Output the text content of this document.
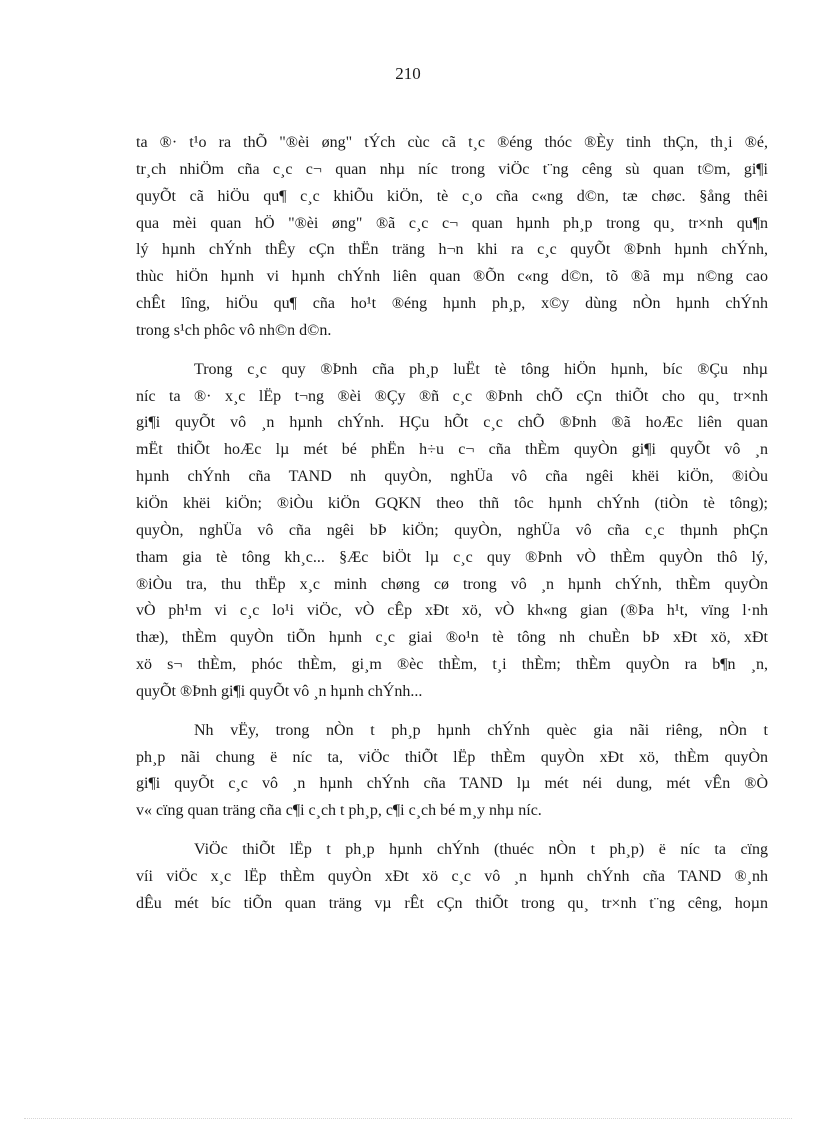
210
ta ®· t¹o ra thÕ "®èi øng" tÝch cùc cã t¸c ®éng thóc ®Èy tinh thÇn, th¸i ®é,
tr¸ch nhiÖm cña c¸c c¬ quan nhµ níc trong viÖc t¨ng cêng sù quan t©m, gi¶i
quyÕt cã hiÖu qu¶ c¸c khiÕu kiÖn, tè c¸o cña c«ng d©n, tæ chøc. §ång thêi
qua mèi quan hÖ "®èi øng" ®ã c¸c c¬ quan hµnh ph¸p trong qu¸ tr×nh qu¶n
lý hµnh chÝnh thÊy cÇn thËn träng h¬n khi ra c¸c quyÕt ®Þnh hµnh chÝnh,
thùc hiÖn hµnh vi hµnh chÝnh liên quan ®Õn c«ng d©n, tõ ®ã mµ n©ng cao
chÊt lîng, hiÖu qu¶ cña ho¹t ®éng hµnh ph¸p, x©y dùng nÒn hµnh chÝnh
trong s¹ch phôc vô nh©n d©n.
Trong c¸c quy ®Þnh cña ph¸p luËt tè tông hiÖn hµnh, bíc ®Çu nhµ
níc ta ®· x¸c lËp t¬ng ®èi ®Çy ®ñ c¸c ®Þnh chÕ cÇn thiÕt cho qu¸ tr×nh
gi¶i quyÕt vô ¸n hµnh chÝnh. HÇu hÕt c¸c chÕ ®Þnh ®ã hoÆc liên quan
mËt thiÕt hoÆc lµ mét bé phËn h÷u c¬ cña thÈm quyÒn gi¶i quyÕt vô ¸n
hµnh chÝnh cña TAND nh quyÒn, nghÜa vô cña ngêi khëi kiÖn, ®iÒu
kiÖn khëi kiÖn; ®iÒu kiÖn GQKN theo thñ tôc hµnh chÝnh (tiÒn tè tông);
quyÒn, nghÜa vô cña ngêi bÞ kiÖn; quyÒn, nghÜa vô cña c¸c thµnh phÇn
tham gia tè tông kh¸c... §Æc biÖt lµ c¸c quy ®Þnh vÒ thÈm quyÒn thô lý,
®iÒu tra, thu thËp x¸c minh chøng cø trong vô ¸n hµnh chÝnh, thÈm quyÒn
vÒ ph¹m vi c¸c lo¹i viÖc, vÒ cÊp xÐt xö, vÒ kh«ng gian (®Þa h¹t, vïng l·nh
thæ), thÈm quyÒn tiÕn hµnh c¸c giai ®o¹n tè tông nh chuÈn bÞ xÐt xö, xÐt
xö s¬ thÈm, phóc thÈm, gi¸m ®èc thÈm, t¸i thÈm; thÈm quyÒn ra b¶n ¸n,
quyÕt ®Þnh gi¶i quyÕt vô ¸n hµnh chÝnh...
Nh vËy, trong nÒn t ph¸p hµnh chÝnh quèc gia nãi riêng, nÒn t
ph¸p nãi chung ë níc ta, viÖc thiÕt lËp thÈm quyÒn xÐt xö, thÈm quyÒn
gi¶i quyÕt c¸c vô ¸n hµnh chÝnh cña TAND lµ mét néi dung, mét vÊn ®Ò
v« cïng quan träng cña c¶i c¸ch t ph¸p, c¶i c¸ch bé m¸y nhµ níc.
ViÖc thiÕt lËp t ph¸p hµnh chÝnh (thuéc nÒn t ph¸p) ë níc ta cïng
víi viÖc x¸c lËp thÈm quyÒn xÐt xö c¸c vô ¸n hµnh chÝnh cña TAND ®¸nh
dÊu mét bíc tiÕn quan träng vµ rÊt cÇn thiÕt trong qu¸ tr×nh t¨ng cêng, hoµn
